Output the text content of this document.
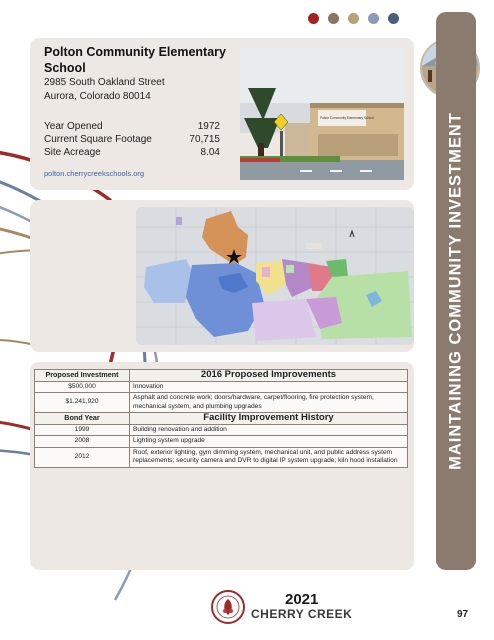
Polton Community Elementary School
2985 South Oakland Street
Aurora, Colorado 80014
Year Opened	1972
Current Square Footage	70,715
Site Acreage	8.04
polton.cherrycreekschools.org
Polton Community Elementary School
Proposed Investment	2016 Proposed Improvements
$500,000	Innovation
$1,241,920	Asphalt and concrete work; doors/hardware, carpet/flooring, fire protection system, mechanical system, and plumbing upgrades
Bond Year	Facility Improvement History
1999	Building renovation and addition
2008	Lighting system upgrade
2012	Roof, exterior lighting, gym dimming system, mechanical unit, and public address system replacements; security camera and DVR to digital IP system upgrade; kiln hood installation	MAINTAINING COMMUNITY INVESTMENT
2021
CHERRY CREEK	97
